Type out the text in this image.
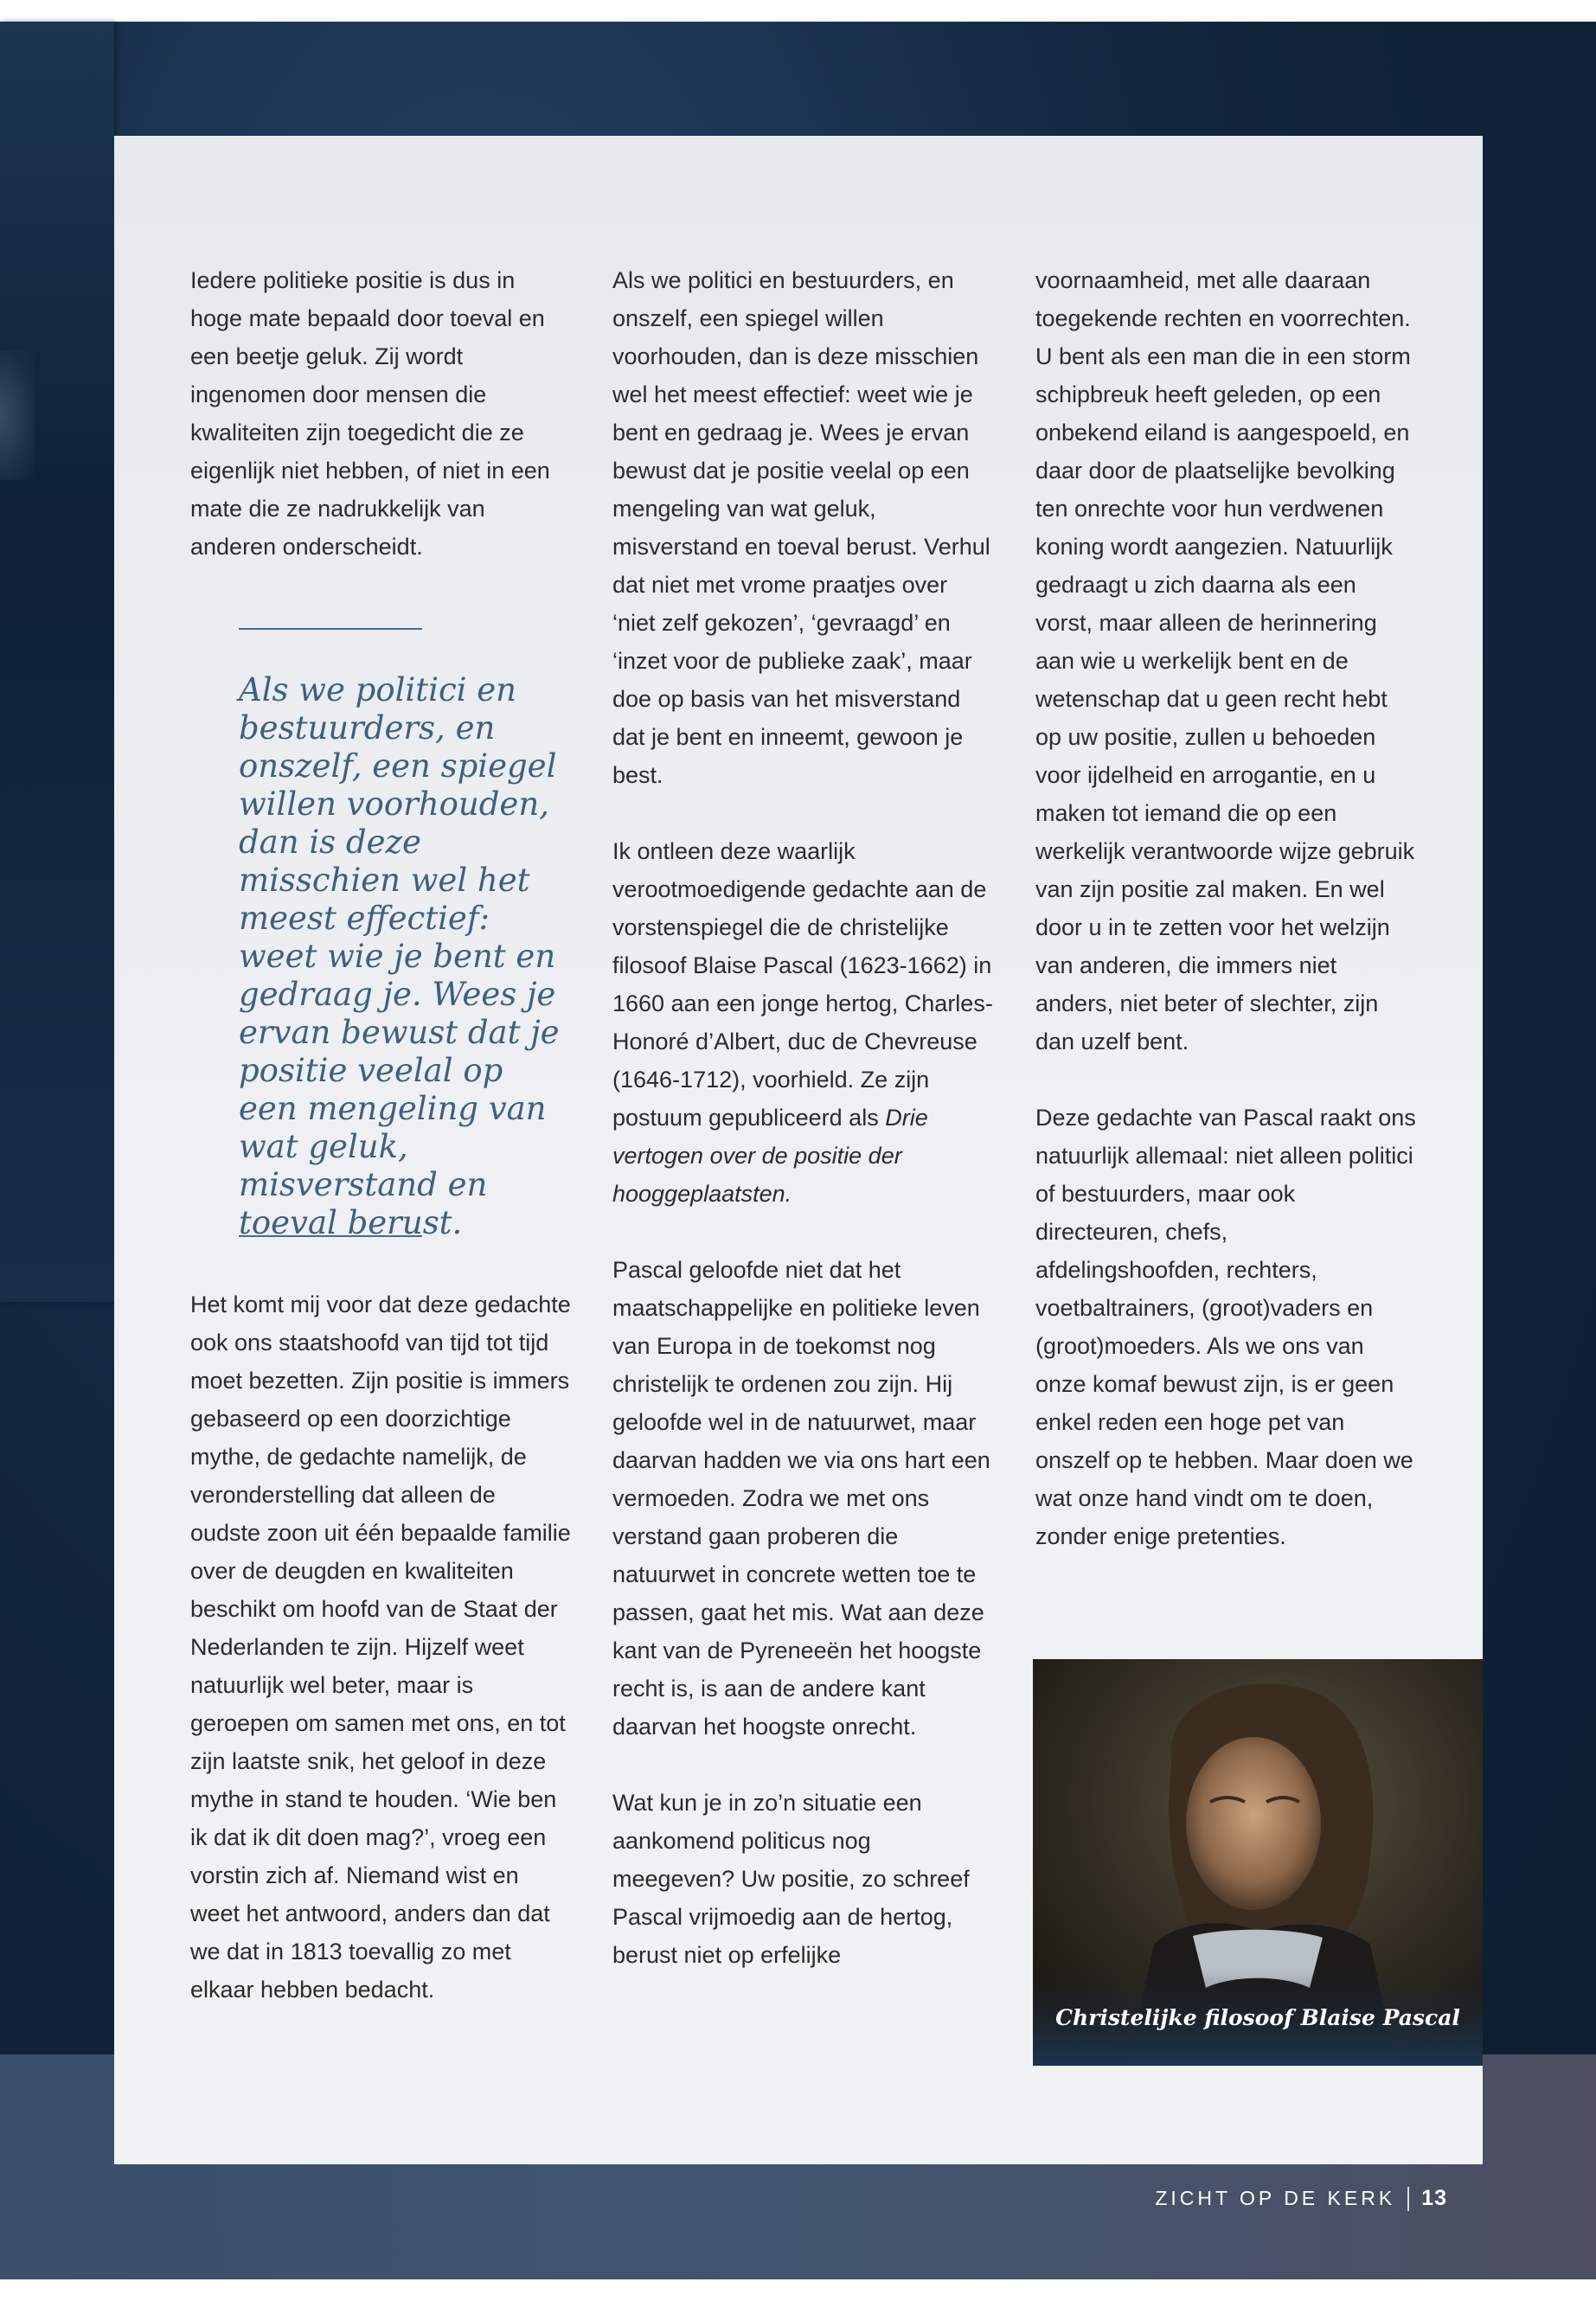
Iedere politieke positie is dus in hoge mate bepaald door toeval en een beetje geluk. Zij wordt ingenomen door mensen die kwaliteiten zijn toegedicht die ze eigenlijk niet hebben, of niet in een mate die ze nadrukkelijk van anderen onderscheidt.

Als we politici en bestuurders, en onszelf, een spiegel willen voorhouden, dan is deze misschien wel het meest effectief: weet wie je bent en gedraag je. Wees je ervan bewust dat je positie veelal op een mengeling van wat geluk, misverstand en toeval berust.

Het komt mij voor dat deze gedachte ook ons staatshoofd van tijd tot tijd moet bezetten. Zijn positie is immers gebaseerd op een doorzichtige mythe, de gedachte namelijk, de veronderstelling dat alleen de oudste zoon uit één bepaalde familie over de deugden en kwaliteiten beschikt om hoofd van de Staat der Nederlanden te zijn. Hijzelf weet natuurlijk wel beter, maar is geroepen om samen met ons, en tot zijn laatste snik, het geloof in deze mythe in stand te houden. ‘Wie ben ik dat ik dit doen mag?’, vroeg een vorstin zich af. Niemand wist en weet het antwoord, anders dan dat we dat in 1813 toevallig zo met elkaar hebben bedacht.

Als we politici en bestuurders, en onszelf, een spiegel willen voorhouden, dan is deze misschien wel het meest effectief: weet wie je bent en gedraag je. Wees je ervan bewust dat je positie veelal op een mengeling van wat geluk, misverstand en toeval berust. Verhul dat niet met vrome praatjes over ‘niet zelf gekozen’, ‘gevraagd’ en ‘inzet voor de publieke zaak’, maar doe op basis van het misverstand dat je bent en inneemt, gewoon je best.

Ik ontleen deze waarlijk verootmoedigende gedachte aan de vorstenspiegel die de christelijke filosoof Blaise Pascal (1623-1662) in 1660 aan een jonge hertog, Charles-Honoré d’Albert, duc de Chevreuse (1646-1712), voorhield. Ze zijn postuum gepubliceerd als Drie vertogen over de positie der hooggeplaatsten.

Pascal geloofde niet dat het maatschappelijke en politieke leven van Europa in de toekomst nog christelijk te ordenen zou zijn. Hij geloofde wel in de natuurwet, maar daarvan hadden we via ons hart een vermoeden. Zodra we met ons verstand gaan proberen die natuurwet in concrete wetten toe te passen, gaat het mis. Wat aan deze kant van de Pyreneeën het hoogste recht is, is aan de andere kant daarvan het hoogste onrecht.

Wat kun je in zo’n situatie een aankomend politicus nog meegeven? Uw positie, zo schreef Pascal vrijmoedig aan de hertog, berust niet op erfelijke

voornaamheid, met alle daaraan toegekende rechten en voorrechten. U bent als een man die in een storm schipbreuk heeft geleden, op een onbekend eiland is aangespoeld, en daar door de plaatselijke bevolking ten onrechte voor hun verdwenen koning wordt aangezien. Natuurlijk gedraagt u zich daarna als een vorst, maar alleen de herinnering aan wie u werkelijk bent en de wetenschap dat u geen recht hebt op uw positie, zullen u behoeden voor ijdelheid en arrogantie, en u maken tot iemand die op een werkelijk verantwoorde wijze gebruik van zijn positie zal maken. En wel door u in te zetten voor het welzijn van anderen, die immers niet anders, niet beter of slechter, zijn dan uzelf bent.

Deze gedachte van Pascal raakt ons natuurlijk allemaal: niet alleen politici of bestuurders, maar ook directeuren, chefs, afdelingshoofden, rechters, voetbaltrainers, (groot)vaders en (groot)moeders. Als we ons van onze komaf bewust zijn, is er geen enkel reden een hoge pet van onszelf op te hebben. Maar doen we wat onze hand vindt om te doen, zonder enige pretenties.

Christelijke filosoof Blaise Pascal
ZICHT OP DE KERK 13
